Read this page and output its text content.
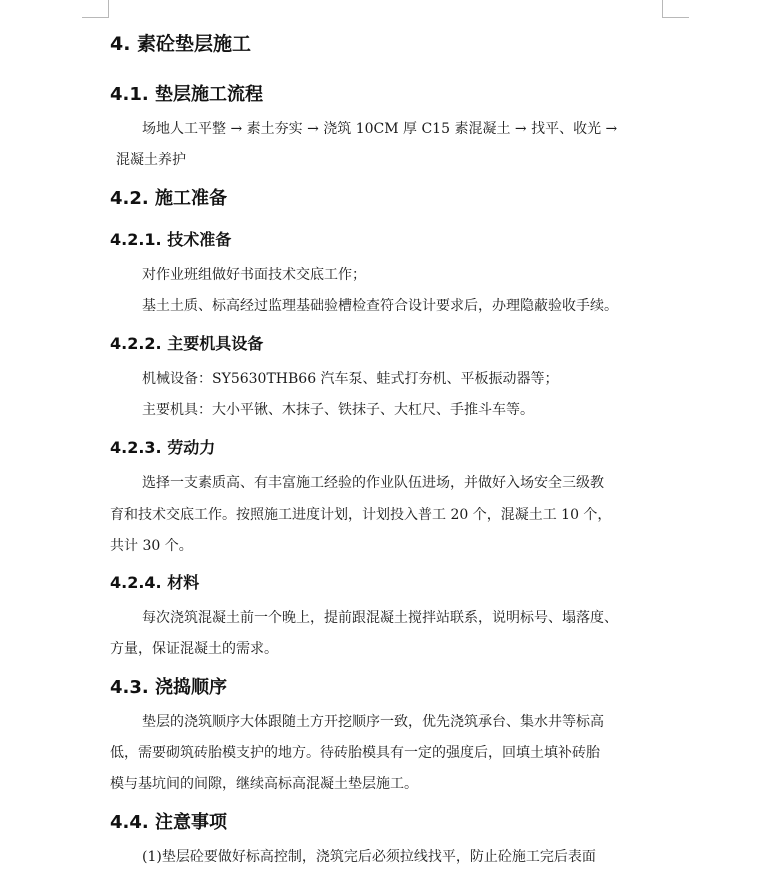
4. 素砼垫层施工
4.1. 垫层施工流程
场地人工平整 → 素土夯实 → 浇筑 10CM 厚 C15 素混凝土 → 找平、收光 →
混凝土养护
4.2. 施工准备
4.2.1. 技术准备
对作业班组做好书面技术交底工作；
基土土质、标高经过监理基础验槽检查符合设计要求后，办理隐蔽验收手续。
4.2.2. 主要机具设备
机械设备：SY5630THB66 汽车泵、蛙式打夯机、平板振动器等；
主要机具：大小平锹、木抹子、铁抹子、大杠尺、手推斗车等。
4.2.3. 劳动力
选择一支素质高、有丰富施工经验的作业队伍进场，并做好入场安全三级教
育和技术交底工作。按照施工进度计划，计划投入普工 20 个，混凝土工 10 个，
共计 30 个。
4.2.4. 材料
每次浇筑混凝土前一个晚上，提前跟混凝土搅拌站联系，说明标号、塌落度、
方量，保证混凝土的需求。
4.3. 浇捣顺序
垫层的浇筑顺序大体跟随土方开挖顺序一致，优先浇筑承台、集水井等标高
低，需要砌筑砖胎模支护的地方。待砖胎模具有一定的强度后，回填土填补砖胎
模与基坑间的间隙，继续高标高混凝土垫层施工。
4.4. 注意事项
(1)垫层砼要做好标高控制，浇筑完后必须拉线找平，防止砼施工完后表面
